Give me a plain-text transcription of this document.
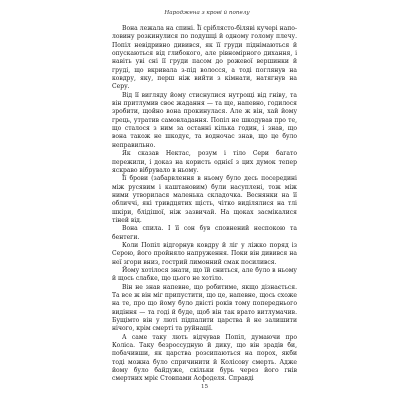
Народжена з крові й попелу

Вона лежала на спині. Її сріблясто-біляві кучері наполовину розкинулися по подушці й одному голому плечу. Попіл невідривно дивився, як її груди піднімаються й опускаються від глибокого, але рівномірного дихання, і навіть уві сні її груди пасом до рожевої вершинки й груді, що вкривала з-під волосся, а тоді поглянув на ковдру, яку, перш ніж вийти з кімнати, натягнув на Серу.

Від її вигляду йому стиснулися нутрощі від гніву, та він притлумив своє жадання — та ще, напевно, годилося зробити, щойно вона прокинулася. Але ж він, хай йому грець, утратив самовладання. Попіл не шкодував про те, що сталося з ним за останні кілька годин, і знав, що вона також не шкодує, та водночас знав, що це було неправильно.

Як сказав Нектас, розум і тіло Сери багато пережили, і доказ на користь однієї з цих думок тепер яскраво вібрувало в ньому.

Її брови (забарвлення в ньому було десь посередині між русявим і каштановим) були насуплені, тож між ними утворилася маленька складочка. Веснянки на її обличчі, які тривдцятих щість, чітко виділялися на тлі шкіри, блідішої, ніж зазвичай. На щоках засмікалися тіней від.

Вона спила. І її сон був сповнений неспокою та бентеги.

Коли Попіл відгорнув ковдру й ліг у ліжко поряд із Серою, його пройняло напруження. Поки він дивився на неї згори вниз, гострий лимонний смак посилився.

Йому хотілося знати, що їй сниться, але було в ньому й щось слабке, що цього не хотіло.

Він не знав напевне, що робитиме, якщо дізнається. Та все ж він міг припустити, що це, напевне, щось схоже на те, про що йому було двісті років тому попереднього видіння — та годі й буде, щоб він так врато витлумачив. Бущімто він у люті підпалити царства й не залишити нічого, крім смерті та руйнації.

А саме таку лють відчував Попіл, думаючи про Коліса. Таку безроссудную й дику, що він зрадів би, побачивши, як царства розсипаються на порох, якби тоді можна було спричинити й Колісову смерть. Адже йому було байдуже, скільки бурь через його гнів смертних мріє Стовпами Асфоделя. Справді

15
